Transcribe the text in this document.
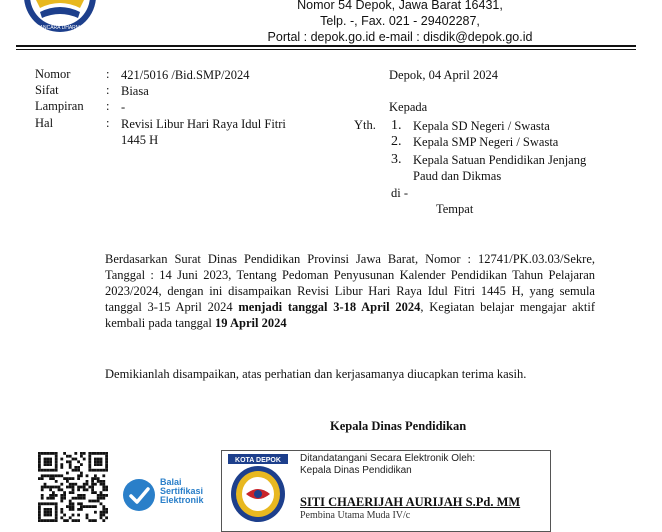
PANCARA DHARMA
Nomor 54 Depok, Jawa Barat 16431,
Telp. -, Fax. 021 - 29402287,
Portal : depok.go.id e-mail : disdik@depok.go.id
Nomor	: 421/5016 /Bid.SMP/2024
Sifat	: Biasa
Lampiran : -
Hal	: Revisi Libur Hari Raya Idul Fitri
1445 H
Depok, 04 April 2024
Kepada
Yth. 1. Kepala SD Negeri / Swasta
2. Kepala SMP Negeri / Swasta
3. Kepala Satuan Pendidikan Jenjang
Paud dan Dikmas
di -
Tempat
Berdasarkan Surat Dinas Pendidikan Provinsi Jawa Barat, Nomor : 12741/PK.03.03/Sekre, Tanggal : 14 Juni 2023, Tentang Pedoman Penyusunan Kalender Pendidikan Tahun Pelajaran 2023/2024, dengan ini disampaikan Revisi Libur Hari Raya Idul Fitri 1445 H, yang semula tanggal 3-15 April 2024 menjadi tanggal 3-18 April 2024, Kegiatan belajar mengajar aktif kembali pada tanggal 19 April 2024
Demikianlah disampaikan, atas perhatian dan kerjasamanya diucapkan terima kasih.
Kepala Dinas Pendidikan
Balai
Sertifikasi
Elektronik
KOTA DEPOK Ditandatangani Secara Elektronik Oleh:
Kepala Dinas Pendidikan
SITI CHAERIJAH AURIJAH S.Pd. MM
Pembina Utama Muda IV/c
